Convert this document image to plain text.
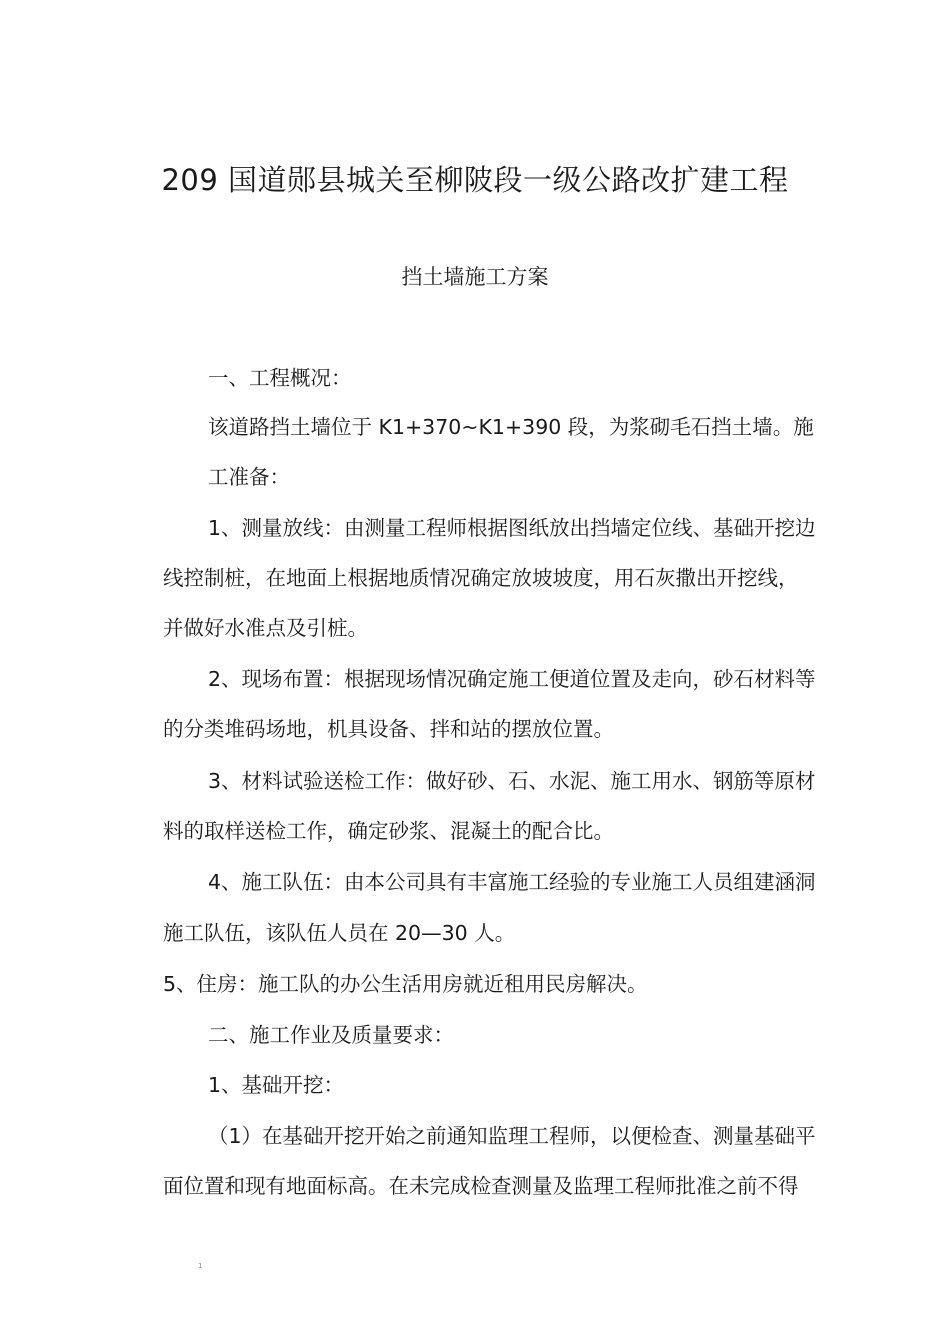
209 国道郧县城关至柳陂段一级公路改扩建工程
挡土墙施工方案

一、工程概况：

该道路挡土墙位于 K1+370~K1+390 段，为浆砌毛石挡土墙。施

工准备：

1、测量放线：由测量工程师根据图纸放出挡墙定位线、基础开挖边

线控制桩，在地面上根据地质情况确定放坡坡度，用石灰撒出开挖线，

并做好水准点及引桩。

2、现场布置：根据现场情况确定施工便道位置及走向，砂石材料等

的分类堆码场地，机具设备、拌和站的摆放位置。

3、材料试验送检工作：做好砂、石、水泥、施工用水、钢筋等原材

料的取样送检工作，确定砂浆、混凝土的配合比。

4、施工队伍：由本公司具有丰富施工经验的专业施工人员组建涵洞

施工队伍，该队伍人员在 20—30 人。

5、住房：施工队的办公生活用房就近租用民房解决。

二、施工作业及质量要求：

1、基础开挖：

（1）在基础开挖开始之前通知监理工程师，以便检查、测量基础平

面位置和现有地面标高。在未完成检查测量及监理工程师批准之前不得

1
